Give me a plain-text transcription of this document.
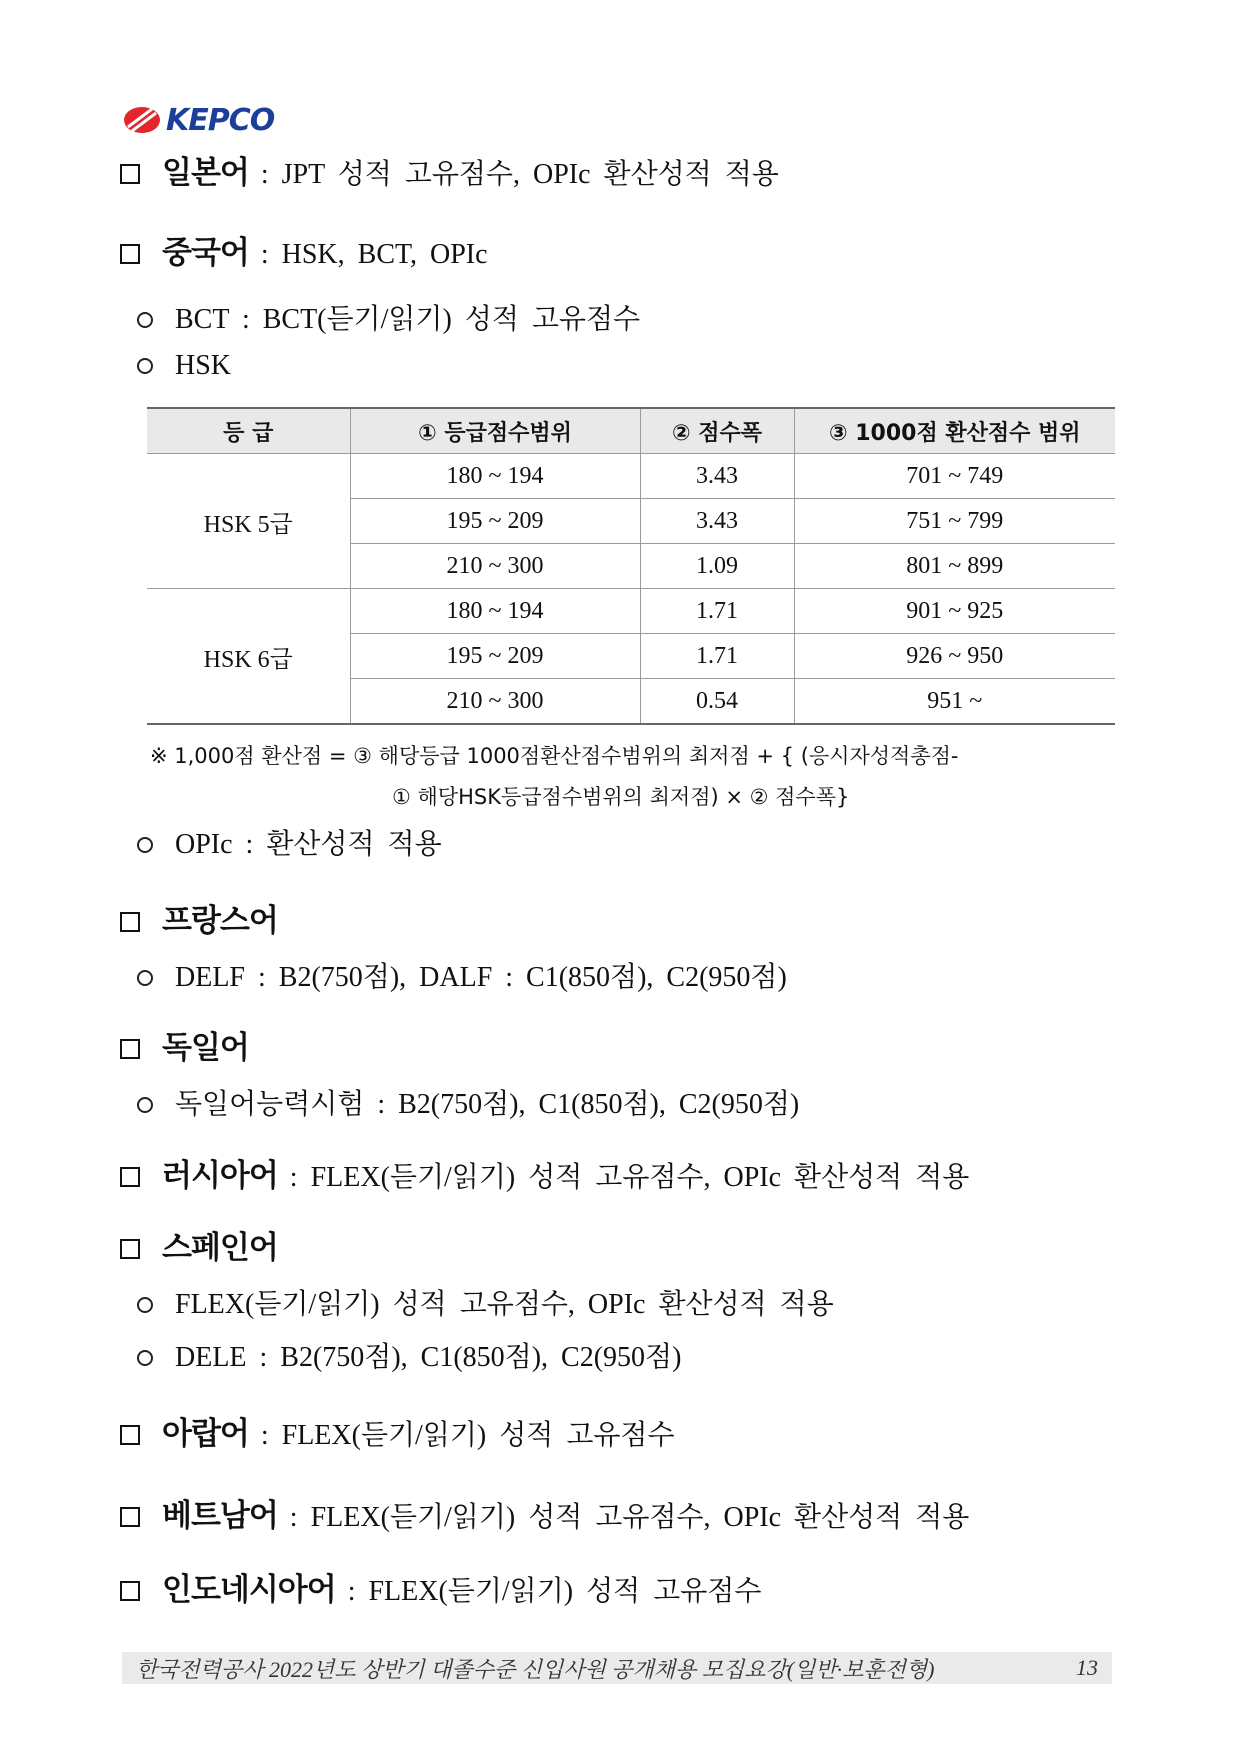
KEPCO
일본어 : JPT 성적 고유점수, OPIc 환산성적 적용
중국어 : HSK, BCT, OPIc
BCT : BCT(듣기/읽기) 성적 고유점수
HSK
등 급	① 등급점수범위	② 점수폭	③ 1000점 환산점수 범위
HSK 5급	180 ~ 194	3.43	701 ~ 749
	195 ~ 209	3.43	751 ~ 799
	210 ~ 300	1.09	801 ~ 899
HSK 6급	180 ~ 194	1.71	901 ~ 925
	195 ~ 209	1.71	926 ~ 950
	210 ~ 300	0.54	951 ~
※ 1,000점 환산점 = ③ 해당등급 1000점환산점수범위의 최저점 + { (응시자성적총점-
① 해당HSK등급점수범위의 최저점) × ② 점수폭}
OPIc : 환산성적 적용
프랑스어
DELF : B2(750점), DALF : C1(850점), C2(950점)
독일어
독일어능력시험 : B2(750점), C1(850점), C2(950점)
러시아어 : FLEX(듣기/읽기) 성적 고유점수, OPIc 환산성적 적용
스페인어
FLEX(듣기/읽기) 성적 고유점수, OPIc 환산성적 적용
DELE : B2(750점), C1(850점), C2(950점)
아랍어 : FLEX(듣기/읽기) 성적 고유점수
베트남어 : FLEX(듣기/읽기) 성적 고유점수, OPIc 환산성적 적용
인도네시아어 : FLEX(듣기/읽기) 성적 고유점수
한국전력공사 2022년도 상반기 대졸수준 신입사원 공개채용 모집요강(일반·보훈전형)	13
